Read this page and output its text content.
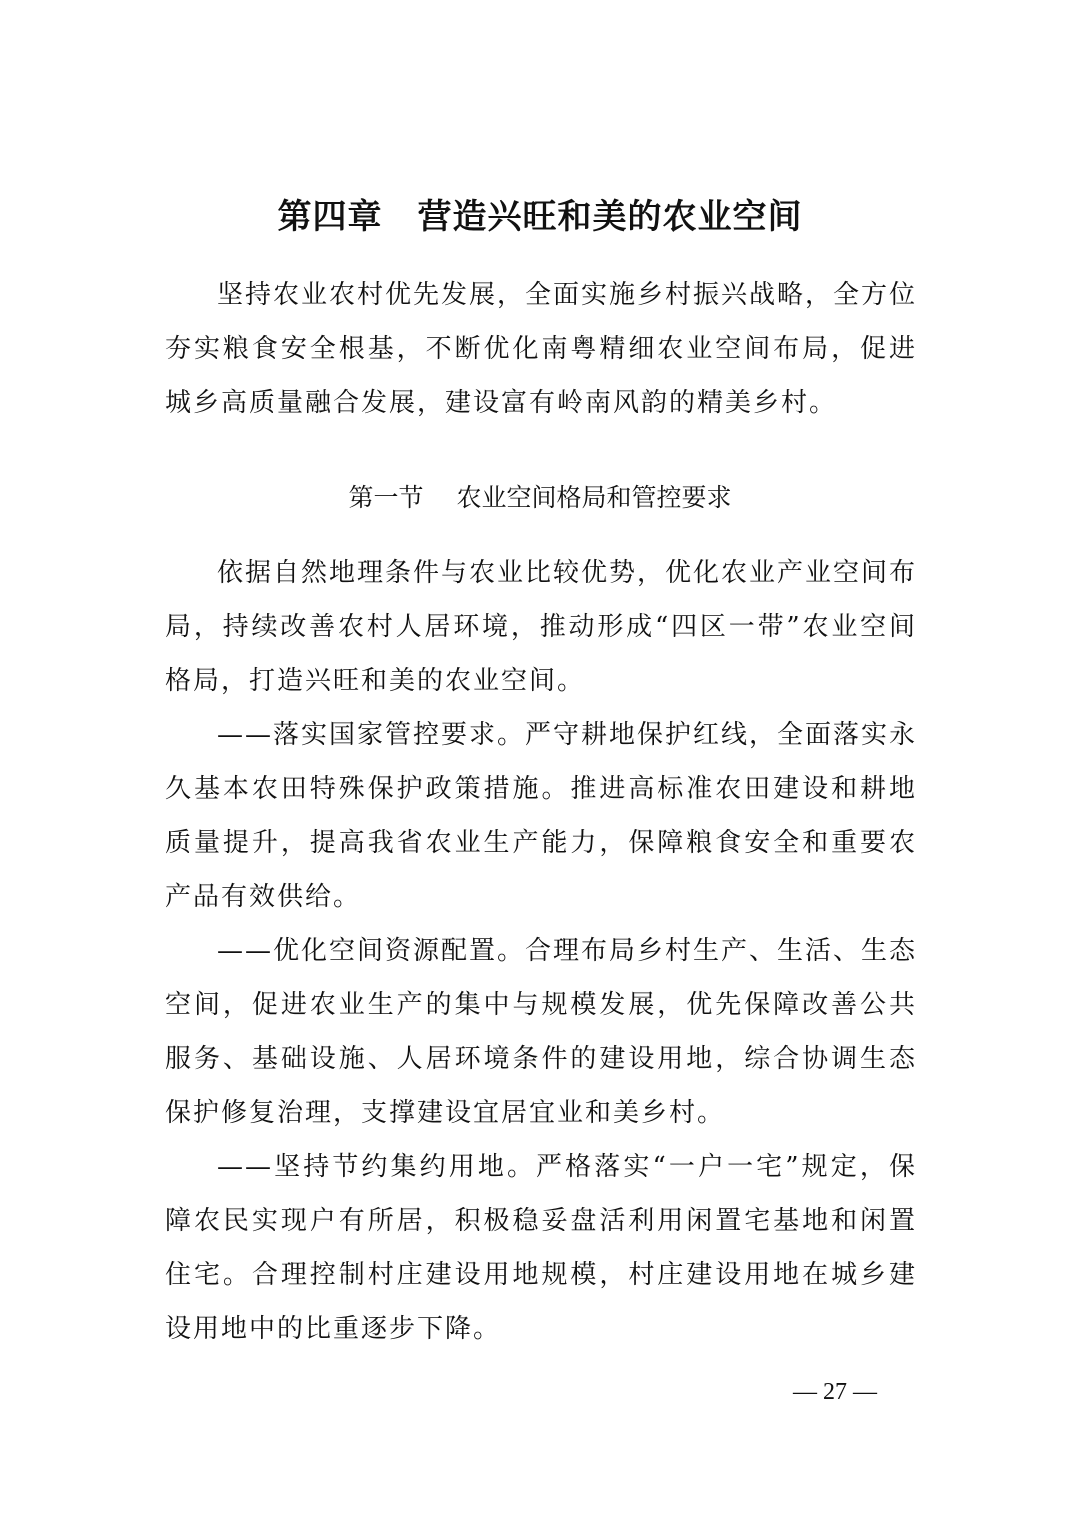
第四章　营造兴旺和美的农业空间

坚持农业农村优先发展，全面实施乡村振兴战略，全方位夯实粮食安全根基，不断优化南粤精细农业空间布局，促进城乡高质量融合发展，建设富有岭南风韵的精美乡村。

第一节　 农业空间格局和管控要求

依据自然地理条件与农业比较优势，优化农业产业空间布局，持续改善农村人居环境，推动形成“四区一带”农业空间格局，打造兴旺和美的农业空间。

——落实国家管控要求。严守耕地保护红线，全面落实永久基本农田特殊保护政策措施。推进高标准农田建设和耕地质量提升，提高我省农业生产能力，保障粮食安全和重要农产品有效供给。

——优化空间资源配置。合理布局乡村生产、生活、生态空间，促进农业生产的集中与规模发展，优先保障改善公共服务、基础设施、人居环境条件的建设用地，综合协调生态保护修复治理，支撑建设宜居宜业和美乡村。

——坚持节约集约用地。严格落实“一户一宅”规定，保障农民实现户有所居，积极稳妥盘活利用闲置宅基地和闲置住宅。合理控制村庄建设用地规模，村庄建设用地在城乡建设用地中的比重逐步下降。

— 27 —
